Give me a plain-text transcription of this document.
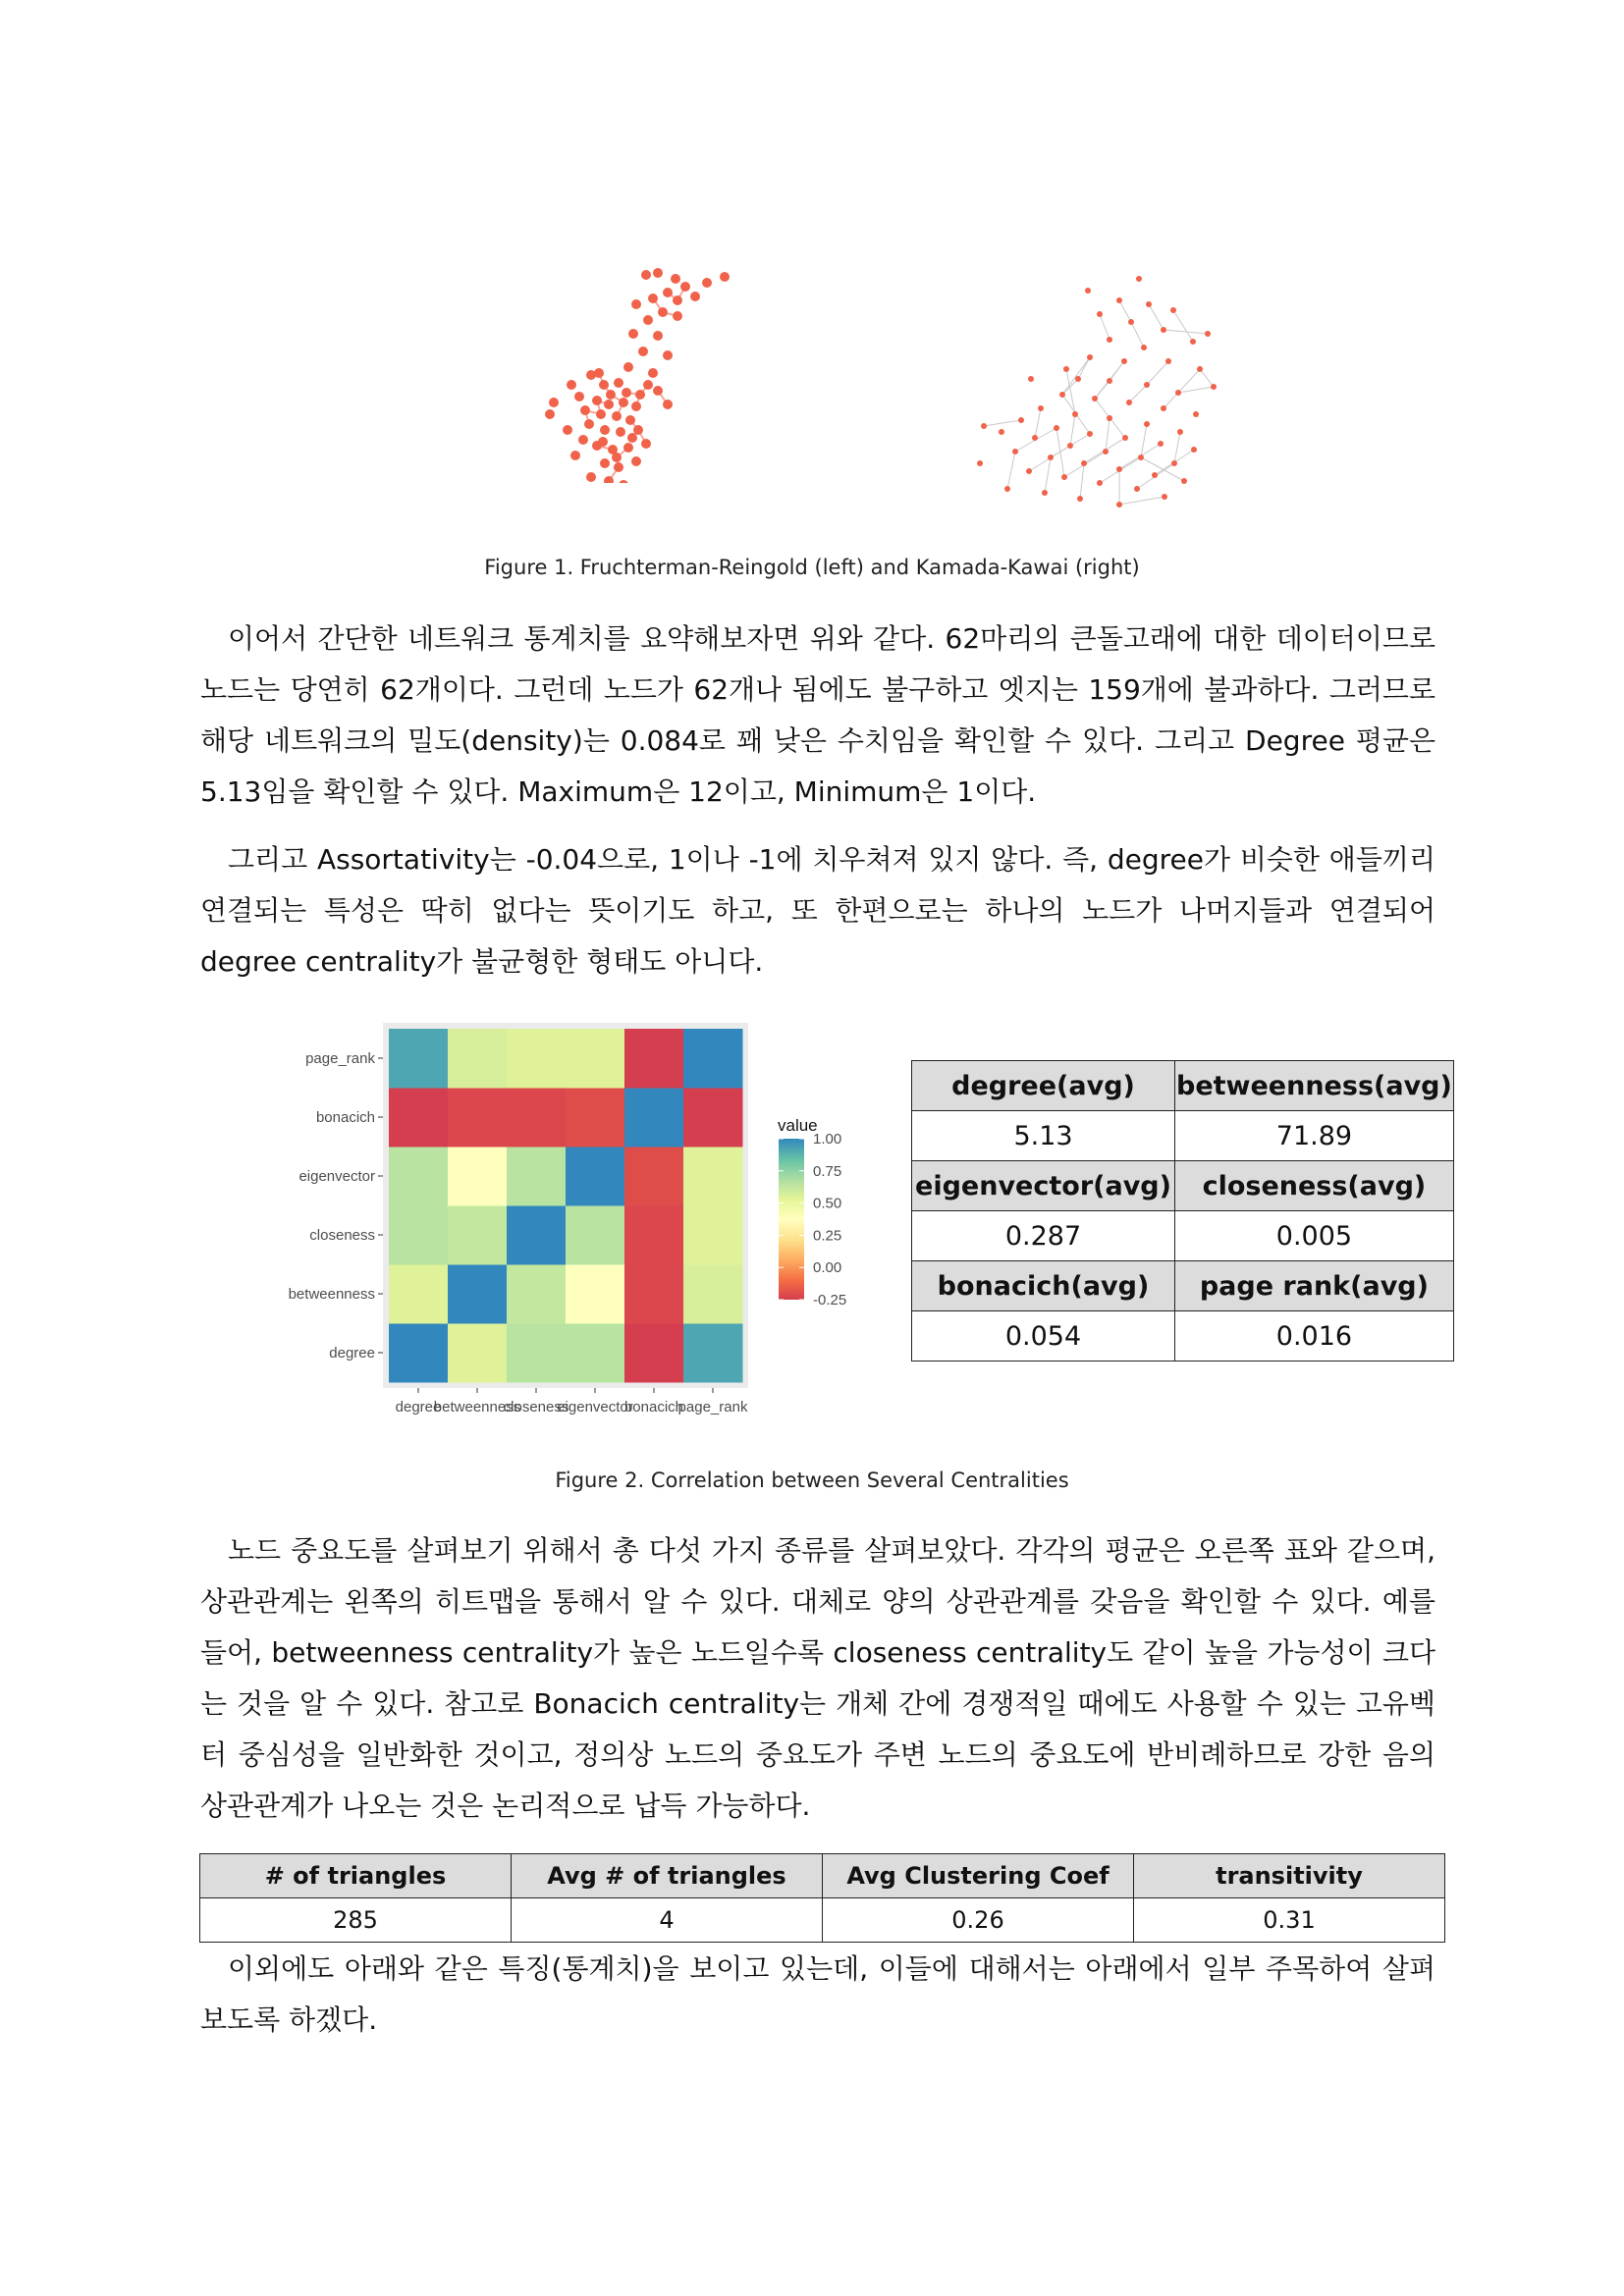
Figure 1. Fruchterman-Reingold (left) and Kamada-Kawai (right)

이어서 간단한 네트워크 통계치를 요약해보자면 위와 같다. 62마리의 큰돌고래에 대한 데이터이므로 노드는 당연히 62개이다. 그런데 노드가 62개나 됨에도 불구하고 엣지는 159개에 불과하다. 그러므로 해당 네트워크의 밀도(density)는 0.084로 꽤 낮은 수치임을 확인할 수 있다. 그리고 Degree 평균은 5.13임을 확인할 수 있다. Maximum은 12이고, Minimum은 1이다.

그리고 Assortativity는 -0.04으로, 1이나 -1에 치우쳐져 있지 않다. 즉, degree가 비슷한 애들끼리 연결되는 특성은 딱히 없다는 뜻이기도 하고, 또 한편으로는 하나의 노드가 나머지들과 연결되어 degree centrality가 불균형한 형태도 아니다.

degree
betweenness
closeness
eigenvector
bonacich
page_rank
degree
betweenness
closeness
eigenvector
bonacich
page_rank
value
1.00
0.75
0.50
0.25
0.00
-0.25
degree(avg)	betweenness(avg)
5.13	71.89
eigenvector(avg)	closeness(avg)
0.287	0.005
bonacich(avg)	page rank(avg)
0.054	0.016
Figure 2. Correlation between Several Centralities

노드 중요도를 살펴보기 위해서 총 다섯 가지 종류를 살펴보았다. 각각의 평균은 오른쪽 표와 같으며, 상관관계는 왼쪽의 히트맵을 통해서 알 수 있다. 대체로 양의 상관관계를 갖음을 확인할 수 있다. 예를 들어, betweenness centrality가 높은 노드일수록 closeness centrality도 같이 높을 가능성이 크다는 것을 알 수 있다. 참고로 Bonacich centrality는 개체 간에 경쟁적일 때에도 사용할 수 있는 고유벡터 중심성을 일반화한 것이고, 정의상 노드의 중요도가 주변 노드의 중요도에 반비례하므로 강한 음의 상관관계가 나오는 것은 논리적으로 납득 가능하다.

# of triangles	Avg # of triangles	Avg Clustering Coef	transitivity
285	4	0.26	0.31

이외에도 아래와 같은 특징(통계치)을 보이고 있는데, 이들에 대해서는 아래에서 일부 주목하여 살펴보도록 하겠다.
